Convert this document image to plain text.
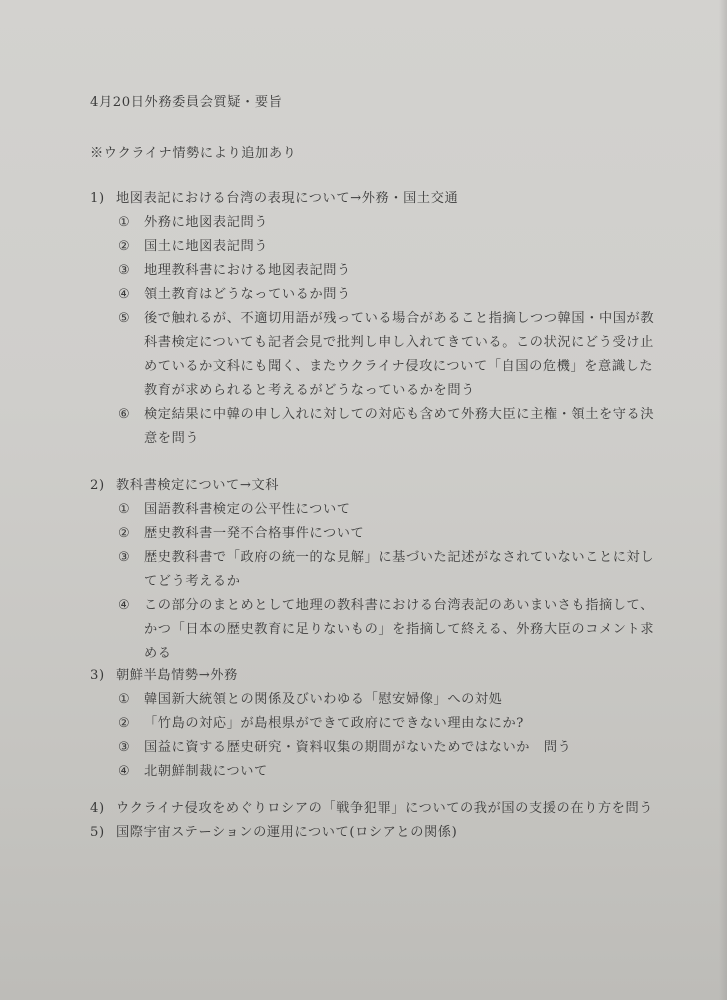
4月20日外務委員会質疑・要旨
※ウクライナ情勢により追加あり
1) 地図表記における台湾の表現について→外務・国土交通
① 外務に地図表記問う
② 国土に地図表記問う
③ 地理教科書における地図表記問う
④ 領土教育はどうなっているか問う
⑤ 後で触れるが、不適切用語が残っている場合があること指摘しつつ韓国・中国が教
科書検定についても記者会見で批判し申し入れてきている。この状況にどう受け止
めているか文科にも聞く、またウクライナ侵攻について「自国の危機」を意識した
教育が求められると考えるがどうなっているかを問う
⑥ 検定結果に中韓の申し入れに対しての対応も含めて外務大臣に主権・領土を守る決
意を問う
2) 教科書検定について→文科
① 国語教科書検定の公平性について
② 歴史教科書一発不合格事件について
③ 歴史教科書で「政府の統一的な見解」に基づいた記述がなされていないことに対し
てどう考えるか
④ この部分のまとめとして地理の教科書における台湾表記のあいまいさも指摘して、
かつ「日本の歴史教育に足りないもの」を指摘して終える、外務大臣のコメント求
める
3) 朝鮮半島情勢→外務
① 韓国新大統領との関係及びいわゆる「慰安婦像」への対処
② 「竹島の対応」が島根県ができて政府にできない理由なにか?
③ 国益に資する歴史研究・資料収集の期間がないためではないか　問う
④ 北朝鮮制裁について
4) ウクライナ侵攻をめぐりロシアの「戦争犯罪」についての我が国の支援の在り方を問う
5) 国際宇宙ステーションの運用について(ロシアとの関係)
